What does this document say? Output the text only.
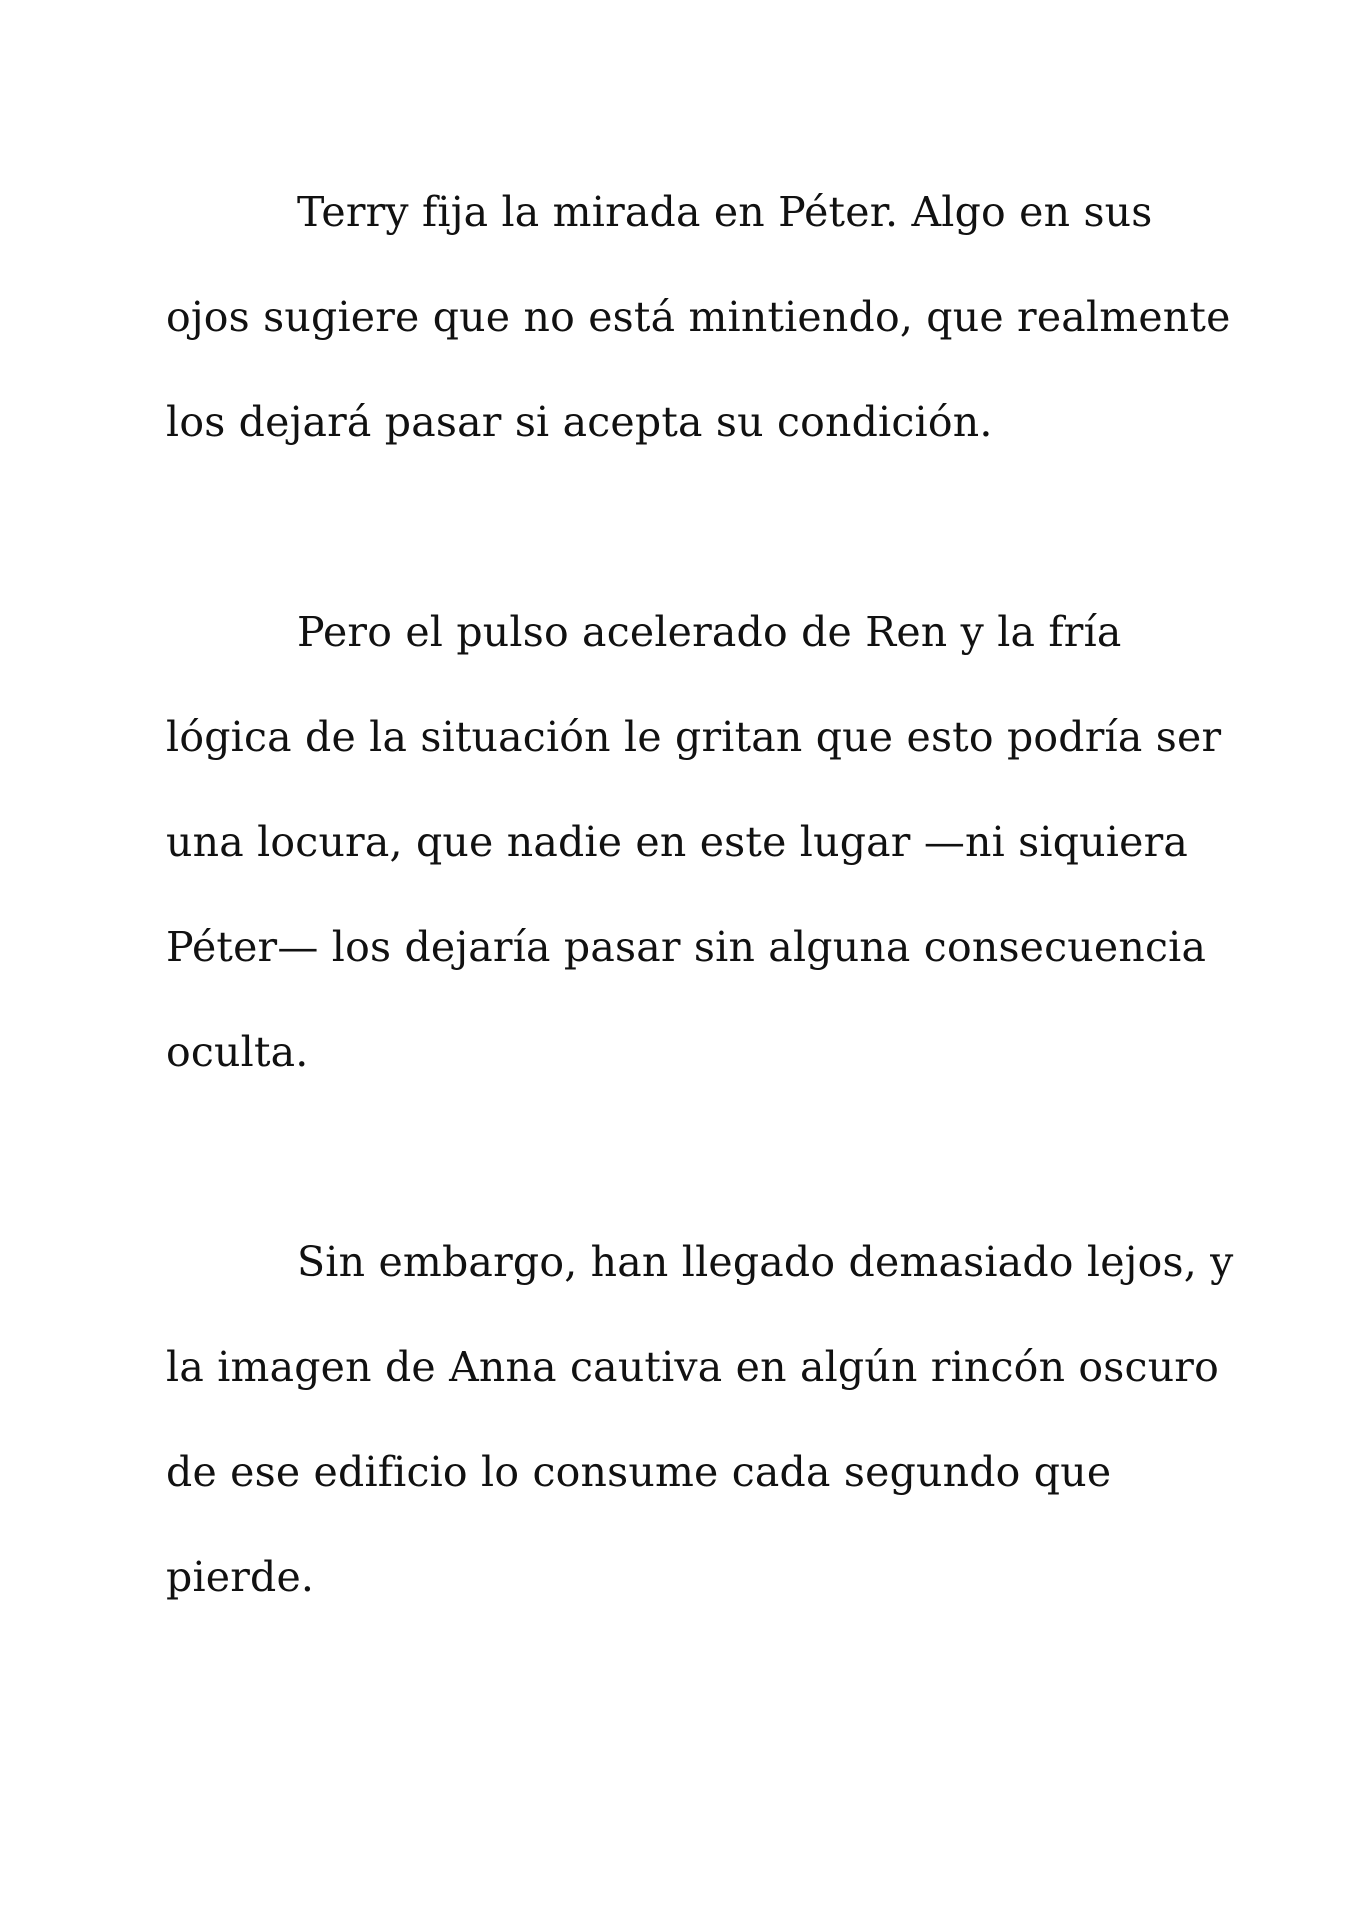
Terry fija la mirada en Péter. Algo en sus
ojos sugiere que no está mintiendo, que realmente
los dejará pasar si acepta su condición.
Pero el pulso acelerado de Ren y la fría
lógica de la situación le gritan que esto podría ser
una locura, que nadie en este lugar —ni siquiera
Péter— los dejaría pasar sin alguna consecuencia
oculta.
Sin embargo, han llegado demasiado lejos, y
la imagen de Anna cautiva en algún rincón oscuro
de ese edificio lo consume cada segundo que
pierde.
